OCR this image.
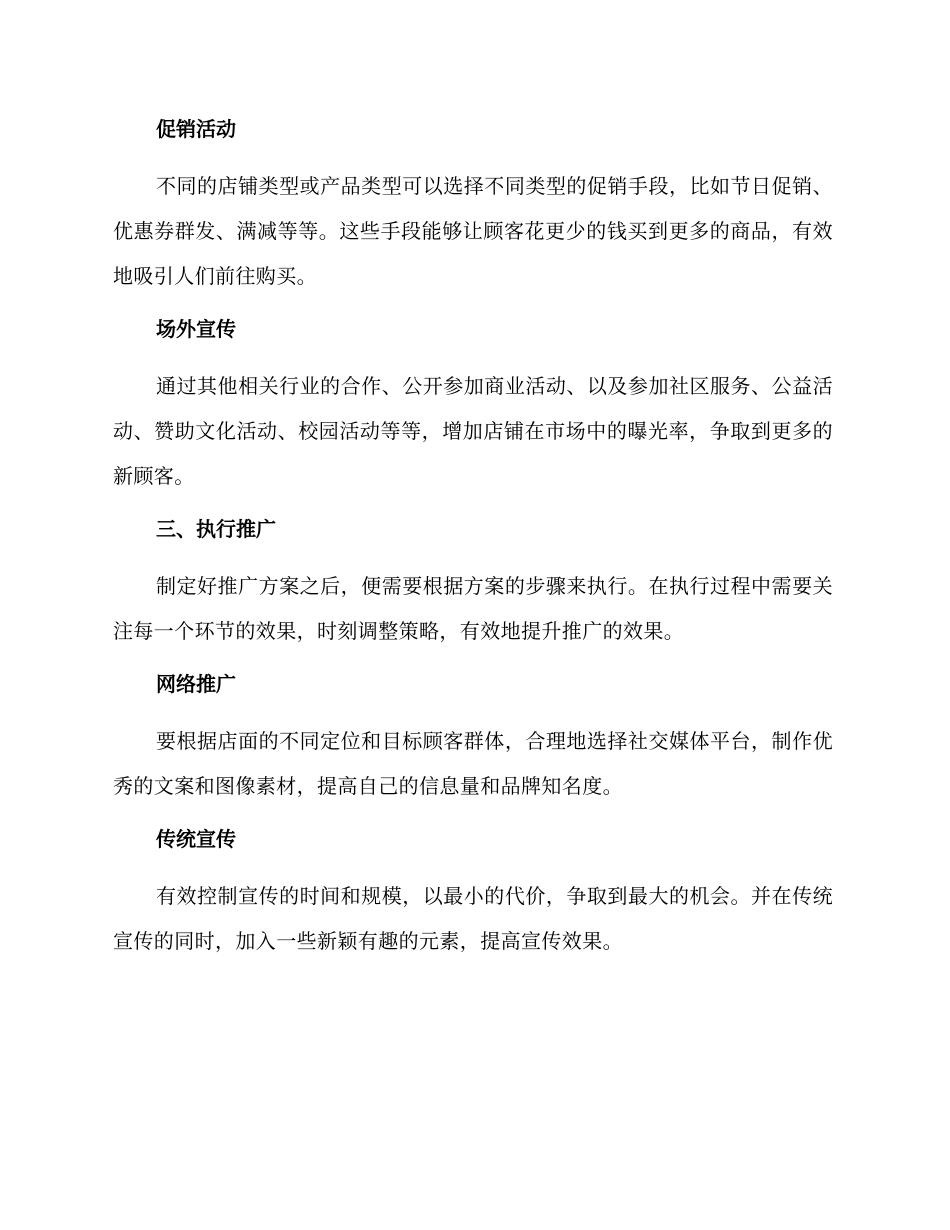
促销活动

不同的店铺类型或产品类型可以选择不同类型的促销手段，比如节日促销、优惠券群发、满减等等。这些手段能够让顾客花更少的钱买到更多的商品，有效地吸引人们前往购买。

场外宣传

通过其他相关行业的合作、公开参加商业活动、以及参加社区服务、公益活动、赞助文化活动、校园活动等等，增加店铺在市场中的曝光率，争取到更多的新顾客。

三、执行推广

制定好推广方案之后，便需要根据方案的步骤来执行。在执行过程中需要关注每一个环节的效果，时刻调整策略，有效地提升推广的效果。

网络推广

要根据店面的不同定位和目标顾客群体，合理地选择社交媒体平台，制作优秀的文案和图像素材，提高自己的信息量和品牌知名度。

传统宣传

有效控制宣传的时间和规模，以最小的代价，争取到最大的机会。并在传统宣传的同时，加入一些新颖有趣的元素，提高宣传效果。
